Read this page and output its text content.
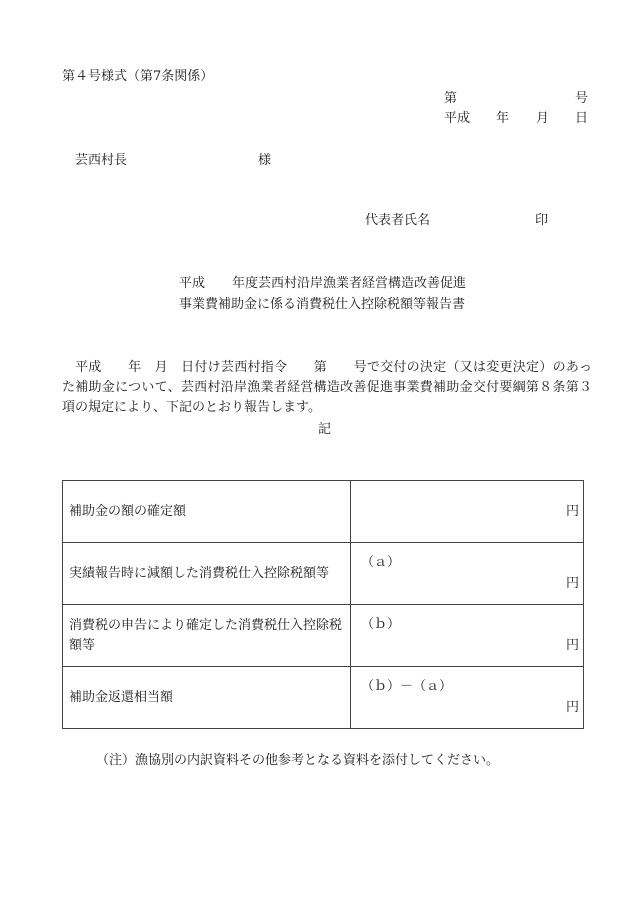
第４号様式（第7条関係）
第	号
平成 年 月 日
芸西村長	様
代表者氏名	印
平成 年度芸西村沿岸漁業者経営構造改善促進
事業費補助金に係る消費税仕入控除税額等報告書
平成　　年　月　日付け芸西村指令　　第　　号で交付の決定（又は変更決定）のあった補助金について、芸西村沿岸漁業者経営構造改善促進事業費補助金交付要綱第８条第３項の規定により、下記のとおり報告します。
記
補助金の額の確定額	円

実績報告時に減額した消費税仕入控除税額等	（ａ）
円

消費税の申告により確定した消費税仕入控除税額等	（ｂ）
円

補助金返還相当額	（ｂ）－（ａ）
円
（注）漁協別の内訳資料その他参考となる資料を添付してください。
